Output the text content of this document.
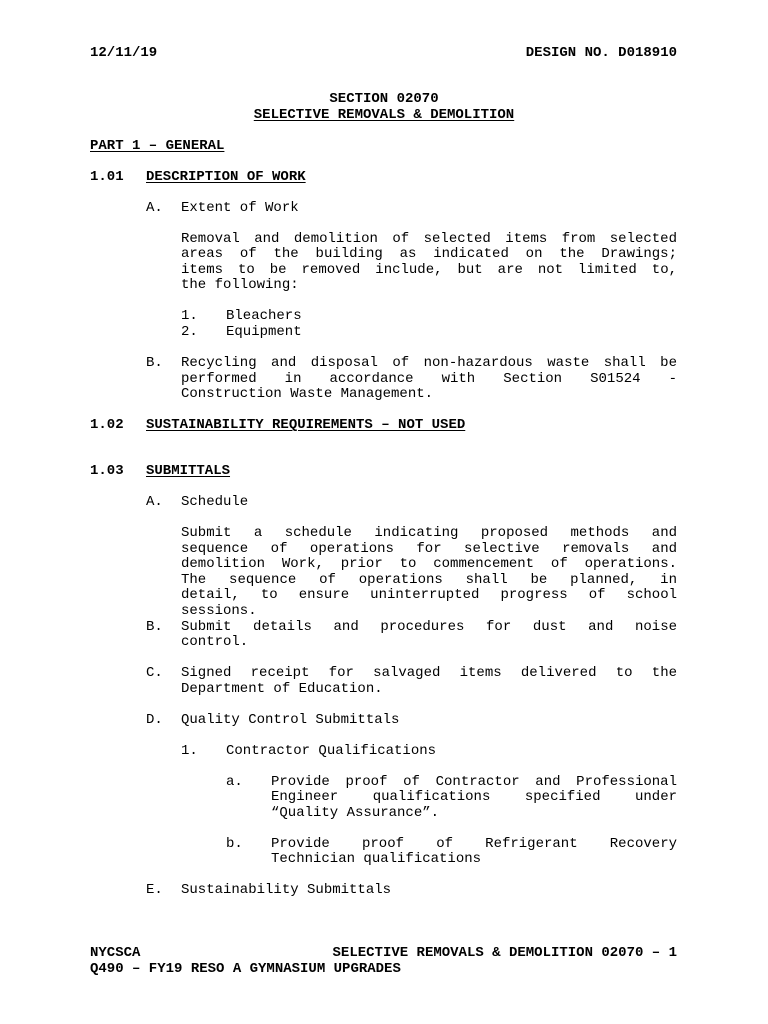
12/11/19	DESIGN NO. D018910
SECTION 02070
SELECTIVE REMOVALS & DEMOLITION
PART 1 – GENERAL
1.01 DESCRIPTION OF WORK
A. Extent of Work
Removal and demolition of selected items from selected
areas of the building as indicated on the Drawings;
items to be removed include, but are not limited to,
the following:
1. Bleachers
2. Equipment
B. Recycling and disposal of non-hazardous waste shall be
performed in accordance with Section S01524 -
Construction Waste Management.
1.02 SUSTAINABILITY REQUIREMENTS – NOT USED
1.03 SUBMITTALS
A. Schedule
Submit a schedule indicating proposed methods and
sequence of operations for selective removals and
demolition Work, prior to commencement of operations.
The sequence of operations shall be planned, in
detail, to ensure uninterrupted progress of school
sessions.
B. Submit details and procedures for dust and noise
control.
C. Signed receipt for salvaged items delivered to the
Department of Education.
D. Quality Control Submittals
1. Contractor Qualifications
a. Provide proof of Contractor and Professional
Engineer qualifications specified under
“Quality Assurance”.
b. Provide proof of Refrigerant Recovery
Technician qualifications
E. Sustainability Submittals
NYCSCA	SELECTIVE REMOVALS & DEMOLITION 02070 – 1
Q490 – FY19 RESO A GYMNASIUM UPGRADES
